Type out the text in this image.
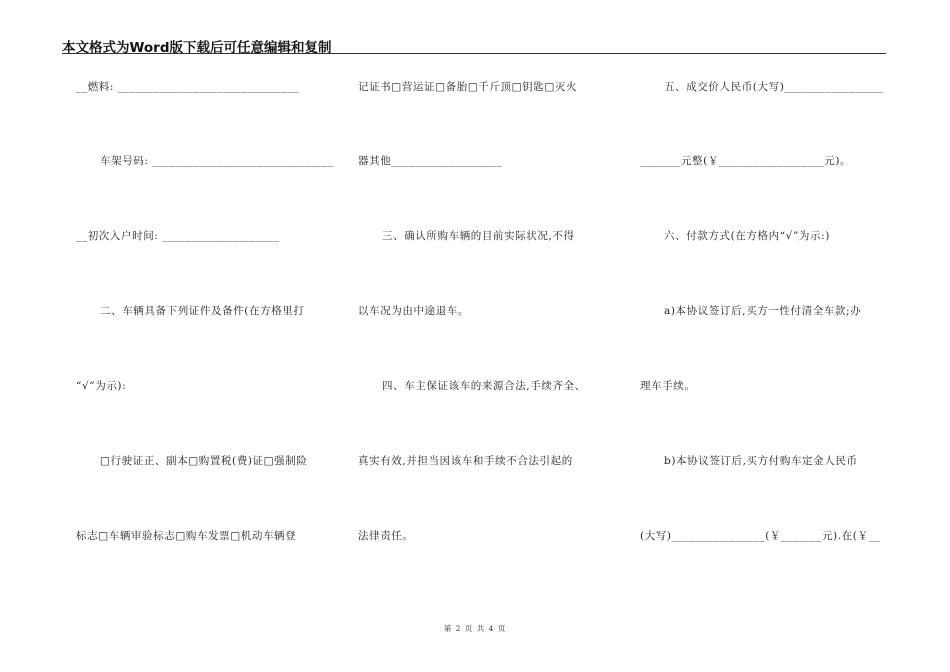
本文格式为Word版下载后可任意编辑和复制
__燃料: _______________________________
车架号码: _______________________________
__初次入户时间: ____________________
二、车辆具备下列证件及备件(在方格里打
“√”为示):
□行驶证正、副本□购置税(费)证□强制险
标志□车辆审验标志□购车发票□机动车辆登
记证书□营运证□备胎□千斤顶□钥匙□灭火
器其他___________________
三、确认所购车辆的目前实际状况,不得
以车况为由中途退车。
四、车主保证该车的来源合法,手续齐全、
真实有效,并担当因该车和手续不合法引起的
法律责任。
五、成交价人民币(大写)_________________
_______元整(￥__________________元)。
六、付款方式(在方格内“√”为示:)
a)本协议签订后,买方一性付清全车款;办
理车手续。
b)本协议签订后,买方付购车定金人民币
(大写)________________(￥_______元).在(￥__
第 2 页 共 4 页
